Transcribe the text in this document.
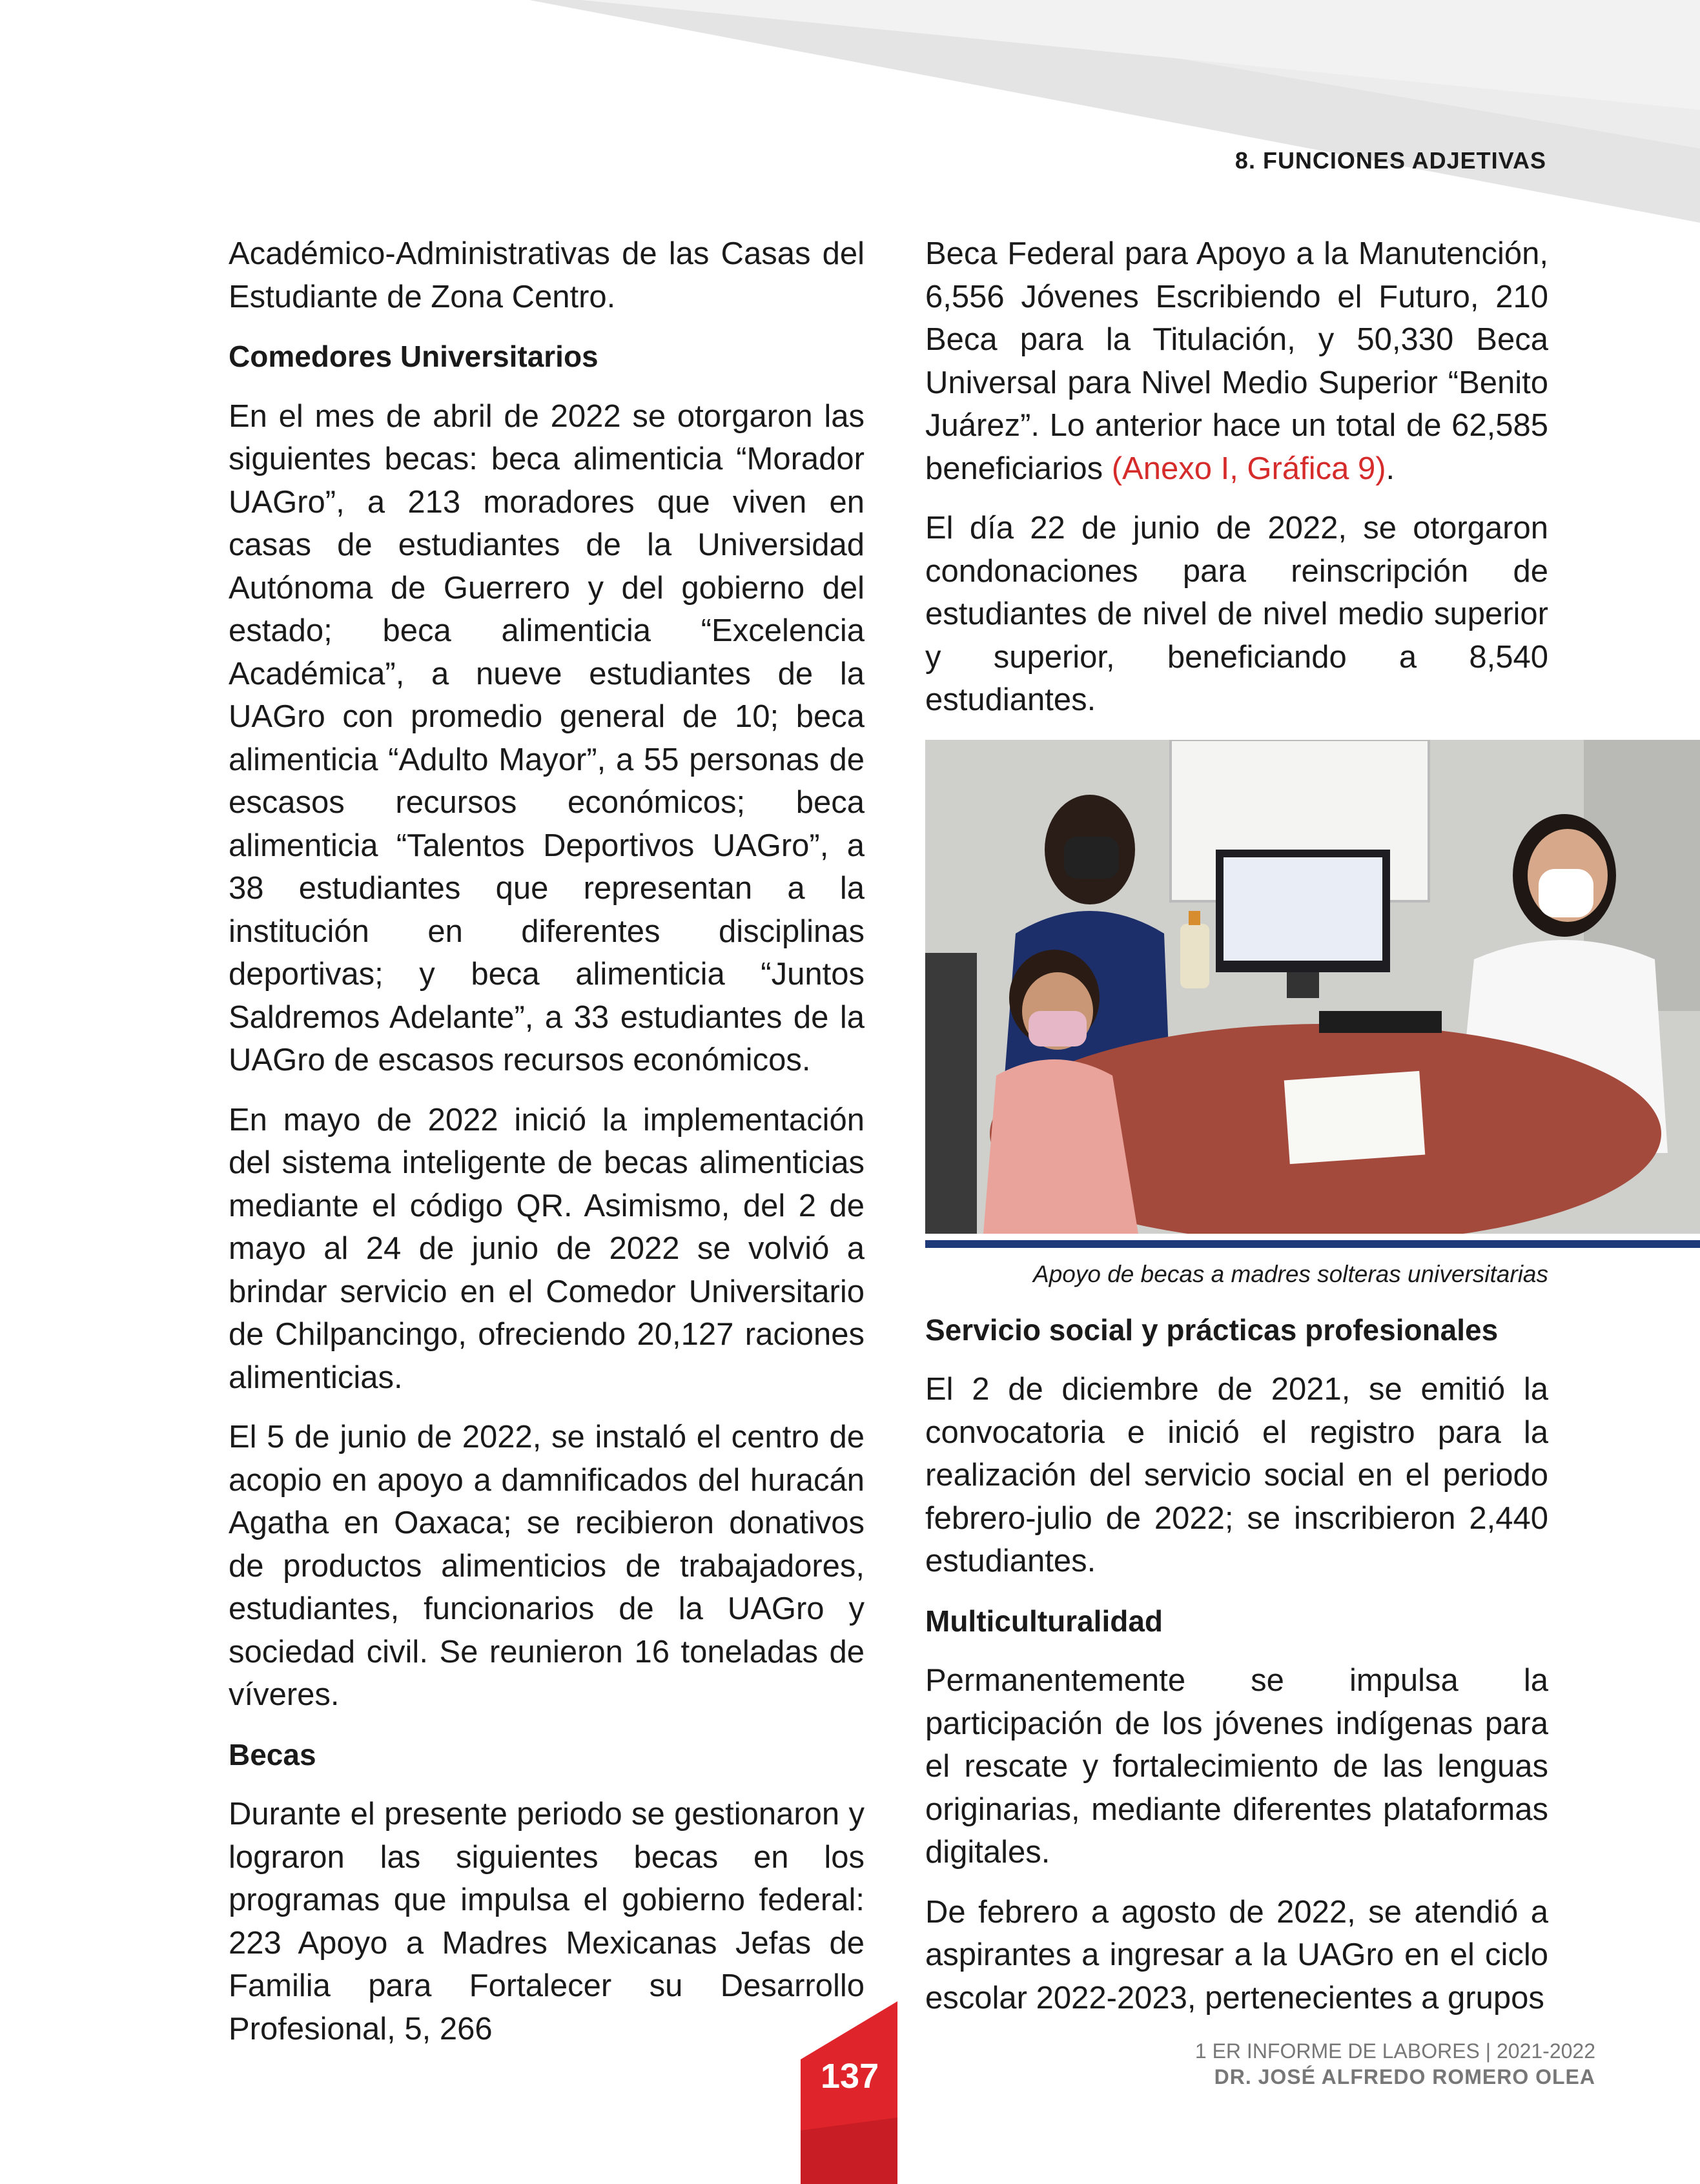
8. FUNCIONES ADJETIVAS

Académico-Administrativas de las Casas del Estudiante de Zona Centro.

Comedores Universitarios

En el mes de abril de 2022 se otorgaron las siguientes becas: beca alimenticia “Morador UAGro”, a 213 moradores que viven en casas de estudiantes de la Universidad Autónoma de Guerrero y del gobierno del estado; beca alimenticia “Excelencia Académica”, a nueve estudiantes de la UAGro con promedio general de 10; beca alimenticia “Adulto Mayor”, a 55 personas de escasos recursos económicos; beca alimenticia “Talentos Deportivos UAGro”, a 38 estudiantes que representan a la institución en diferentes disciplinas deportivas; y beca alimenticia “Juntos Saldremos Adelante”, a 33 estudiantes de la UAGro de escasos recursos económicos.

En mayo de 2022 inició la implementación del sistema inteligente de becas alimenticias mediante el código QR. Asimismo, del 2 de mayo al 24 de junio de 2022 se volvió a brindar servicio en el Comedor Universitario de Chilpancingo, ofreciendo 20,127 raciones alimenticias.

El 5 de junio de 2022, se instaló el centro de acopio en apoyo a damnificados del huracán Agatha en Oaxaca; se recibieron donativos de productos alimenticios de trabajadores, estudiantes, funcionarios de la UAGro y sociedad civil. Se reunieron 16 toneladas de víveres.

Becas

Durante el presente periodo se gestionaron y lograron las siguientes becas en los programas que impulsa el gobierno federal: 223 Apoyo a Madres Mexicanas Jefas de Familia para Fortalecer su Desarrollo Profesional, 5, 266

Beca Federal para Apoyo a la Manutención, 6,556 Jóvenes Escribiendo el Futuro, 210 Beca para la Titulación, y 50,330 Beca Universal para Nivel Medio Superior “Benito Juárez”. Lo anterior hace un total de 62,585 beneficiarios (Anexo I, Gráfica 9).

El día 22 de junio de 2022, se otorgaron condonaciones para reinscripción de estudiantes de nivel de nivel medio superior y superior, beneficiando a 8,540 estudiantes.

Apoyo de becas a madres solteras universitarias
Servicio social y prácticas profesionales

El 2 de diciembre de 2021, se emitió la convocatoria e inició el registro para la realización del servicio social en el periodo febrero-julio de 2022; se inscribieron 2,440 estudiantes.

Multiculturalidad

Permanentemente se impulsa la participación de los jóvenes indígenas para el rescate y fortalecimiento de las lenguas originarias, mediante diferentes plataformas digitales.

De febrero a agosto de 2022, se atendió a aspirantes a ingresar a la UAGro en el ciclo escolar 2022-2023, pertenecientes a grupos

137
1 ER INFORME DE LABORES | 2021-2022
DR. JOSÉ ALFREDO ROMERO OLEA
